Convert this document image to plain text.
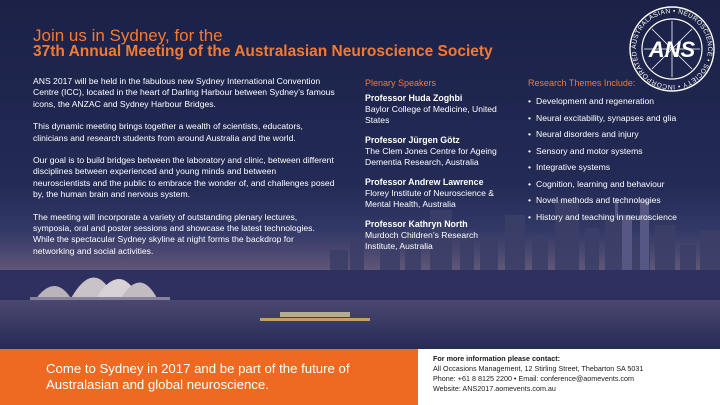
Join us in Sydney, for the
37th Annual Meeting of the Australasian Neuroscience Society	AUSTRALASIAN • NEUROSCIENCE • SOCIETY • INCORPORATED ANS

ANS 2017 will be held in the fabulous new Sydney International Convention Centre (ICC), located in the heart of Darling Harbour between Sydney’s famous icons, the ANZAC and Sydney Harbour Bridges.

This dynamic meeting brings together a wealth of scientists, educators, clinicians and research students from around Australia and the world.

Our goal is to build bridges between the laboratory and clinic, between different disciplines between experienced and young minds and between neuroscientists and the public to embrace the wonder of, and challenges posed by, the human brain and nervous system.

The meeting will incorporate a variety of outstanding plenary lectures, symposia, oral and poster sessions and showcase the latest technologies. While the spectacular Sydney skyline at night forms the backdrop for networking and social activities.

Plenary Speakers
Professor Huda Zoghbi
Baylor College of Medicine, United States
Professor Jürgen Götz
The Clem Jones Centre for Ageing Dementia Research, Australia
Professor Andrew Lawrence
Florey Institute of Neuroscience & Mental Health, Australia
Professor Kathryn North
Murdoch Children’s Research Institute, Australia
Research Themes Include:
• Development and regeneration
• Neural excitability, synapses and glia
• Neural disorders and injury
• Sensory and motor systems
• Integrative systems
• Cognition, learning and behaviour
• Novel methods and technologies
• History and teaching in neuroscience
Come to Sydney in 2017 and be part of the future of Australasian and global neuroscience.
For more information please contact:
All Occasions Management, 12 Stirling Street, Thebarton SA 5031
Phone: +61 8 8125 2200 • Email: conference@aomevents.com
Website: ANS2017.aomevents.com.au
